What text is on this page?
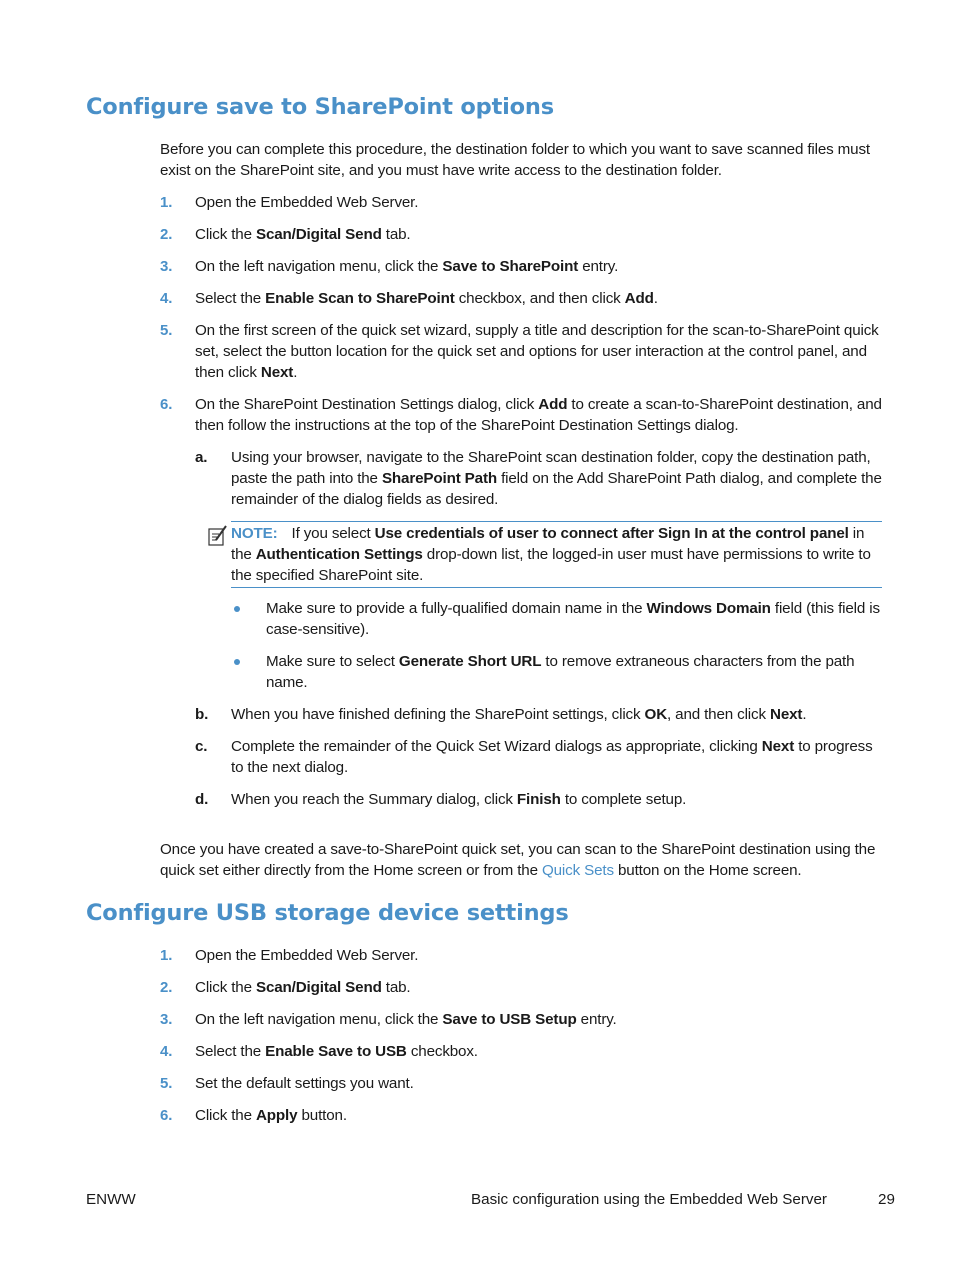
Configure save to SharePoint options

Before you can complete this procedure, the destination folder to which you want to save scanned files must exist on the SharePoint site, and you must have write access to the destination folder.

1. Open the Embedded Web Server.
2. Click the Scan/Digital Send tab.
3. On the left navigation menu, click the Save to SharePoint entry.
4. Select the Enable Scan to SharePoint checkbox, and then click Add.
5. On the first screen of the quick set wizard, supply a title and description for the scan-to-SharePoint quick set, select the button location for the quick set and options for user interaction at the control panel, and then click Next.
6. On the SharePoint Destination Settings dialog, click Add to create a scan-to-SharePoint destination, and then follow the instructions at the top of the SharePoint Destination Settings dialog.
a. Using your browser, navigate to the SharePoint scan destination folder, copy the destination path, paste the path into the SharePoint Path field on the Add SharePoint Path dialog, and complete the remainder of the dialog fields as desired.
NOTE: If you select Use credentials of user to connect after Sign In at the control panel in the Authentication Settings drop-down list, the logged-in user must have permissions to write to the specified SharePoint site.
Make sure to provide a fully-qualified domain name in the Windows Domain field (this field is case-sensitive).
Make sure to select Generate Short URL to remove extraneous characters from the path name.
b. When you have finished defining the SharePoint settings, click OK, and then click Next.
c. Complete the remainder of the Quick Set Wizard dialogs as appropriate, clicking Next to progress to the next dialog.
d. When you reach the Summary dialog, click Finish to complete setup.

Once you have created a save-to-SharePoint quick set, you can scan to the SharePoint destination using the quick set either directly from the Home screen or from the Quick Sets button on the Home screen.

Configure USB storage device settings
1. Open the Embedded Web Server.
2. Click the Scan/Digital Send tab.
3. On the left navigation menu, click the Save to USB Setup entry.
4. Select the Enable Save to USB checkbox.
5. Set the default settings you want.
6. Click the Apply button.
ENWW	Basic configuration using the Embedded Web Server	29
